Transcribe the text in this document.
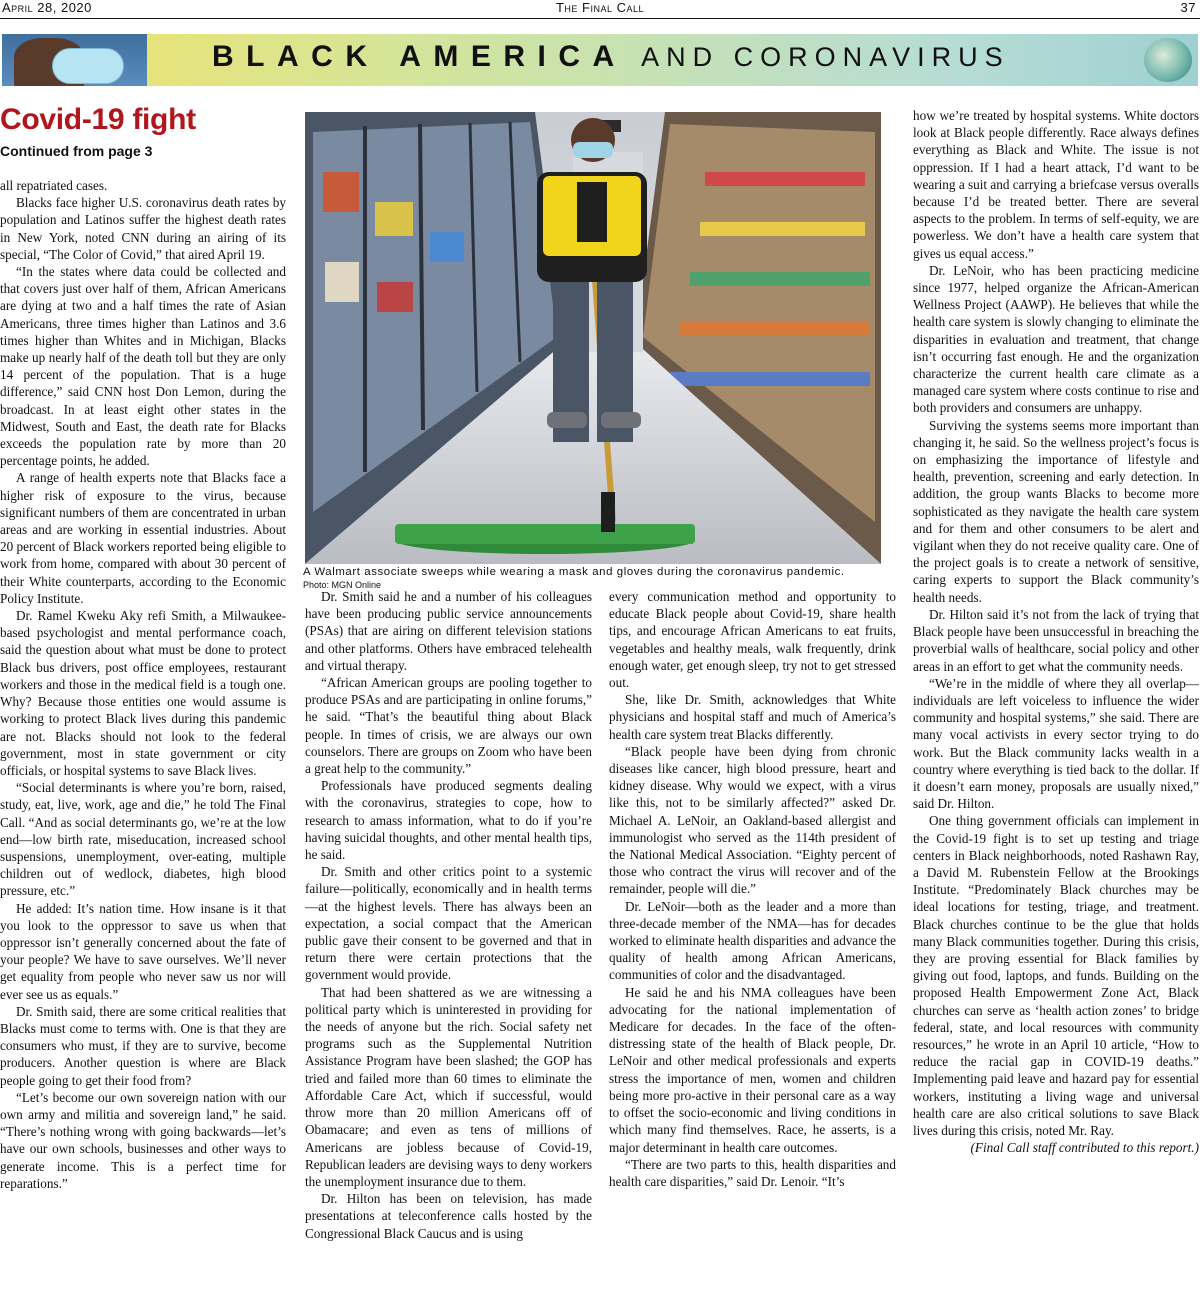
April 28, 2020	The Final Call	37
BLACK AMERICA AND CORONAVIRUS
Covid-19 fight
Continued from page 3

all repatriated cases.

Blacks face higher U.S. coronavirus death rates by population and Latinos suffer the highest death rates in New York, noted CNN during an airing of its special, “The Color of Covid,” that aired April 19.

“In the states where data could be collected and that covers just over half of them, African Americans are dying at two and a half times the rate of Asian Americans, three times higher than Latinos and 3.6 times higher than Whites and in Michigan, Blacks make up nearly half of the death toll but they are only 14 percent of the population. That is a huge difference,” said CNN host Don Lemon, during the broadcast. In at least eight other states in the Midwest, South and East, the death rate for Blacks exceeds the population rate by more than 20 percentage points, he added.

A range of health experts note that Blacks face a higher risk of exposure to the virus, because significant numbers of them are concentrated in urban areas and are working in essential industries. About 20 percent of Black workers reported being eligible to work from home, compared with about 30 percent of their White counterparts, according to the Economic Policy Institute.

Dr. Ramel Kweku Aky refi Smith, a Milwaukee-based psychologist and mental performance coach, said the question about what must be done to protect Black bus drivers, post office employees, restaurant workers and those in the medical field is a tough one. Why? Because those entities one would assume is working to protect Black lives during this pandemic are not. Blacks should not look to the federal government, most in state government or city officials, or hospital systems to save Black lives.

“Social determinants is where you’re born, raised, study, eat, live, work, age and die,” he told The Final Call. “And as social determinants go, we’re at the low end—low birth rate, miseducation, increased school suspensions, unemployment, over-eating, multiple children out of wedlock, diabetes, high blood pressure, etc.”

He added: It’s nation time. How insane is it that you look to the oppressor to save us when that oppressor isn’t generally concerned about the fate of your people? We have to save ourselves. We’ll never get equality from people who never saw us nor will ever see us as equals.”

Dr. Smith said, there are some critical realities that Blacks must come to terms with. One is that they are consumers who must, if they are to survive, become producers. Another question is where are Black people going to get their food from?

“Let’s become our own sovereign nation with our own army and militia and sovereign land,” he said. “There’s nothing wrong with going backwards—let’s have our own schools, businesses and other ways to generate income. This is a perfect time for reparations.”

A Walmart associate sweeps while wearing a mask and gloves during the coronavirus pandemic.
Photo: MGN Online

Dr. Smith said he and a number of his colleagues have been producing public service announcements (PSAs) that are airing on different television stations and other platforms. Others have embraced telehealth and virtual therapy.

“African American groups are pooling together to produce PSAs and are participating in online forums,” he said. “That’s the beautiful thing about Black people. In times of crisis, we are always our own counselors. There are groups on Zoom who have been a great help to the community.”

Professionals have produced segments dealing with the coronavirus, strategies to cope, how to research to amass information, what to do if you’re having suicidal thoughts, and other mental health tips, he said.

Dr. Smith and other critics point to a systemic failure—politically, economically and in health terms—at the highest levels. There has always been an expectation, a social compact that the American public gave their consent to be governed and that in return there were certain protections that the government would provide.

That had been shattered as we are witnessing a political party which is uninterested in providing for the needs of anyone but the rich. Social safety net programs such as the Supplemental Nutrition Assistance Program have been slashed; the GOP has tried and failed more than 60 times to eliminate the Affordable Care Act, which if successful, would throw more than 20 million Americans off of Obamacare; and even as tens of millions of Americans are jobless because of Covid-19, Republican leaders are devising ways to deny workers the unemployment insurance due to them.

Dr. Hilton has been on television, has made presentations at teleconference calls hosted by the Congressional Black Caucus and is using

every communication method and opportunity to educate Black people about Covid-19, share health tips, and encourage African Americans to eat fruits, vegetables and healthy meals, walk frequently, drink enough water, get enough sleep, try not to get stressed out.

She, like Dr. Smith, acknowledges that White physicians and hospital staff and much of America’s health care system treat Blacks differently.

“Black people have been dying from chronic diseases like cancer, high blood pressure, heart and kidney disease. Why would we expect, with a virus like this, not to be similarly affected?” asked Dr. Michael A. LeNoir, an Oakland-based allergist and immunologist who served as the 114th president of the National Medical Association. “Eighty percent of those who contract the virus will recover and of the remainder, people will die.”

Dr. LeNoir—both as the leader and a more than three-decade member of the NMA—has for decades worked to eliminate health disparities and advance the quality of health among African Americans, communities of color and the disadvantaged.

He said he and his NMA colleagues have been advocating for the national implementation of Medicare for decades. In the face of the often-distressing state of the health of Black people, Dr. LeNoir and other medical professionals and experts stress the importance of men, women and children being more pro-active in their personal care as a way to offset the socio-economic and living conditions in which many find themselves. Race, he asserts, is a major determinant in health care outcomes.

“There are two parts to this, health disparities and health care disparities,” said Dr. Lenoir. “It’s

how we’re treated by hospital systems. White doctors look at Black people differently. Race always defines everything as Black and White. The issue is not oppression. If I had a heart attack, I’d want to be wearing a suit and carrying a briefcase versus overalls because I’d be treated better. There are several aspects to the problem. In terms of self-equity, we are powerless. We don’t have a health care system that gives us equal access.”

Dr. LeNoir, who has been practicing medicine since 1977, helped organize the African-American Wellness Project (AAWP). He believes that while the health care system is slowly changing to eliminate the disparities in evaluation and treatment, that change isn’t occurring fast enough. He and the organization characterize the current health care climate as a managed care system where costs continue to rise and both providers and consumers are unhappy.

Surviving the systems seems more important than changing it, he said. So the wellness project’s focus is on emphasizing the importance of lifestyle and health, prevention, screening and early detection. In addition, the group wants Blacks to become more sophisticated as they navigate the health care system and for them and other consumers to be alert and vigilant when they do not receive quality care. One of the project goals is to create a network of sensitive, caring experts to support the Black community’s health needs.

Dr. Hilton said it’s not from the lack of trying that Black people have been unsuccessful in breaching the proverbial walls of healthcare, social policy and other areas in an effort to get what the community needs.

“We’re in the middle of where they all overlap—individuals are left voiceless to influence the wider community and hospital systems,” she said. There are many vocal activists in every sector trying to do work. But the Black community lacks wealth in a country where everything is tied back to the dollar. If it doesn’t earn money, proposals are usually nixed,” said Dr. Hilton.

One thing government officials can implement in the Covid-19 fight is to set up testing and triage centers in Black neighborhoods, noted Rashawn Ray, a David M. Rubenstein Fellow at the Brookings Institute. “Predominately Black churches may be ideal locations for testing, triage, and treatment. Black churches continue to be the glue that holds many Black communities together. During this crisis, they are proving essential for Black families by giving out food, laptops, and funds. Building on the proposed Health Empowerment Zone Act, Black churches can serve as ‘health action zones’ to bridge federal, state, and local resources with community resources,” he wrote in an April 10 article, “How to reduce the racial gap in COVID-19 deaths.” Implementing paid leave and hazard pay for essential workers, instituting a living wage and universal health care are also critical solutions to save Black lives during this crisis, noted Mr. Ray.

(Final Call staff contributed to this report.)
